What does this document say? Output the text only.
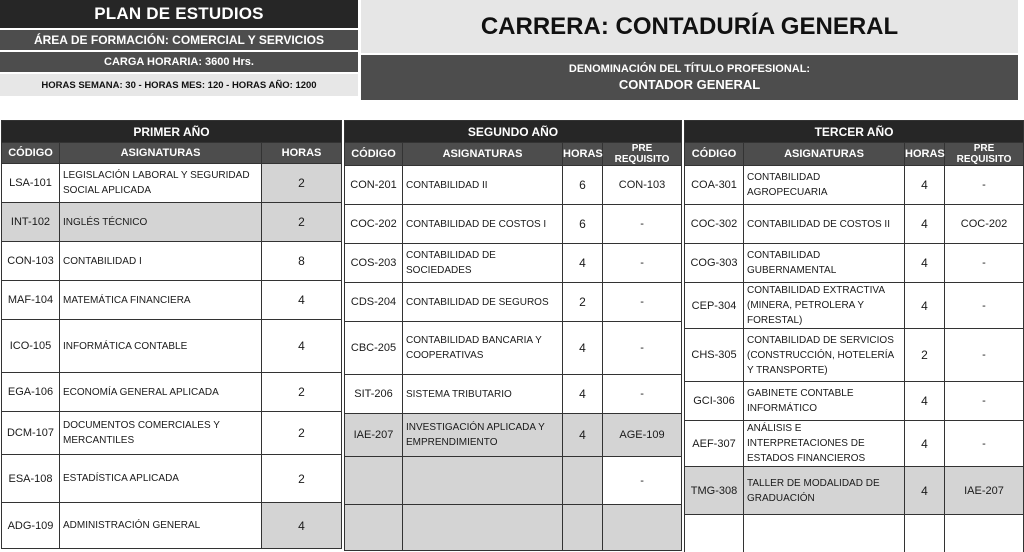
PLAN DE ESTUDIOS
ÁREA DE FORMACIÓN: COMERCIAL Y SERVICIOS
CARGA HORARIA: 3600 Hrs.
HORAS SEMANA: 30 - HORAS MES: 120 - HORAS AÑO: 1200
CARRERA: CONTADURÍA GENERAL
DENOMINACIÓN DEL TÍTULO PROFESIONAL:
CONTADOR GENERAL
PRIMER AÑO		
CÓDIGO	ASIGNATURAS	HORAS
LSA-101	LEGISLACIÓN LABORAL Y SEGURIDAD SOCIAL APLICADA	2
INT-102	INGLÉS TÉCNICO	2
CON-103	CONTABILIDAD I	8
MAF-104	MATEMÁTICA FINANCIERA	4
ICO-105	INFORMÁTICA CONTABLE	4
EGA-106	ECONOMÍA GENERAL APLICADA	2
DCM-107	DOCUMENTOS COMERCIALES Y MERCANTILES	2
ESA-108	ESTADÍSTICA APLICADA	2
ADG-109	ADMINISTRACIÓN GENERAL	4
SEGUNDO AÑO			
CÓDIGO	ASIGNATURAS	HORAS	PRE REQUISITO
CON-201	CONTABILIDAD II	6	CON-103
COC-202	CONTABILIDAD DE COSTOS I	6	-
COS-203	CONTABILIDAD DE SOCIEDADES	4	-
CDS-204	CONTABILIDAD DE SEGUROS	2	-
CBC-205	CONTABILIDAD BANCARIA Y COOPERATIVAS	4	-
SIT-206	SISTEMA TRIBUTARIO	4	-
IAE-207	INVESTIGACIÓN APLICADA Y EMPRENDIMIENTO	4	AGE-109
			-

TERCER AÑO			
CÓDIGO	ASIGNATURAS	HORAS	PRE REQUISITO
COA-301	CONTABILIDAD AGROPECUARIA	4	-
COC-302	CONTABILIDAD DE COSTOS II	4	COC-202
COG-303	CONTABILIDAD GUBERNAMENTAL	4	-
CEP-304	CONTABILIDAD EXTRACTIVA (MINERA, PETROLERA Y FORESTAL)	4	-
CHS-305	CONTABILIDAD DE SERVICIOS (CONSTRUCCIÓN, HOTELERÍA Y TRANSPORTE)	2	-
GCI-306	GABINETE CONTABLE INFORMÁTICO	4	-
AEF-307	ANÁLISIS E INTERPRETACIONES DE ESTADOS FINANCIEROS	4	-
TMG-308	TALLER DE MODALIDAD DE GRADUACIÓN	4	IAE-207
